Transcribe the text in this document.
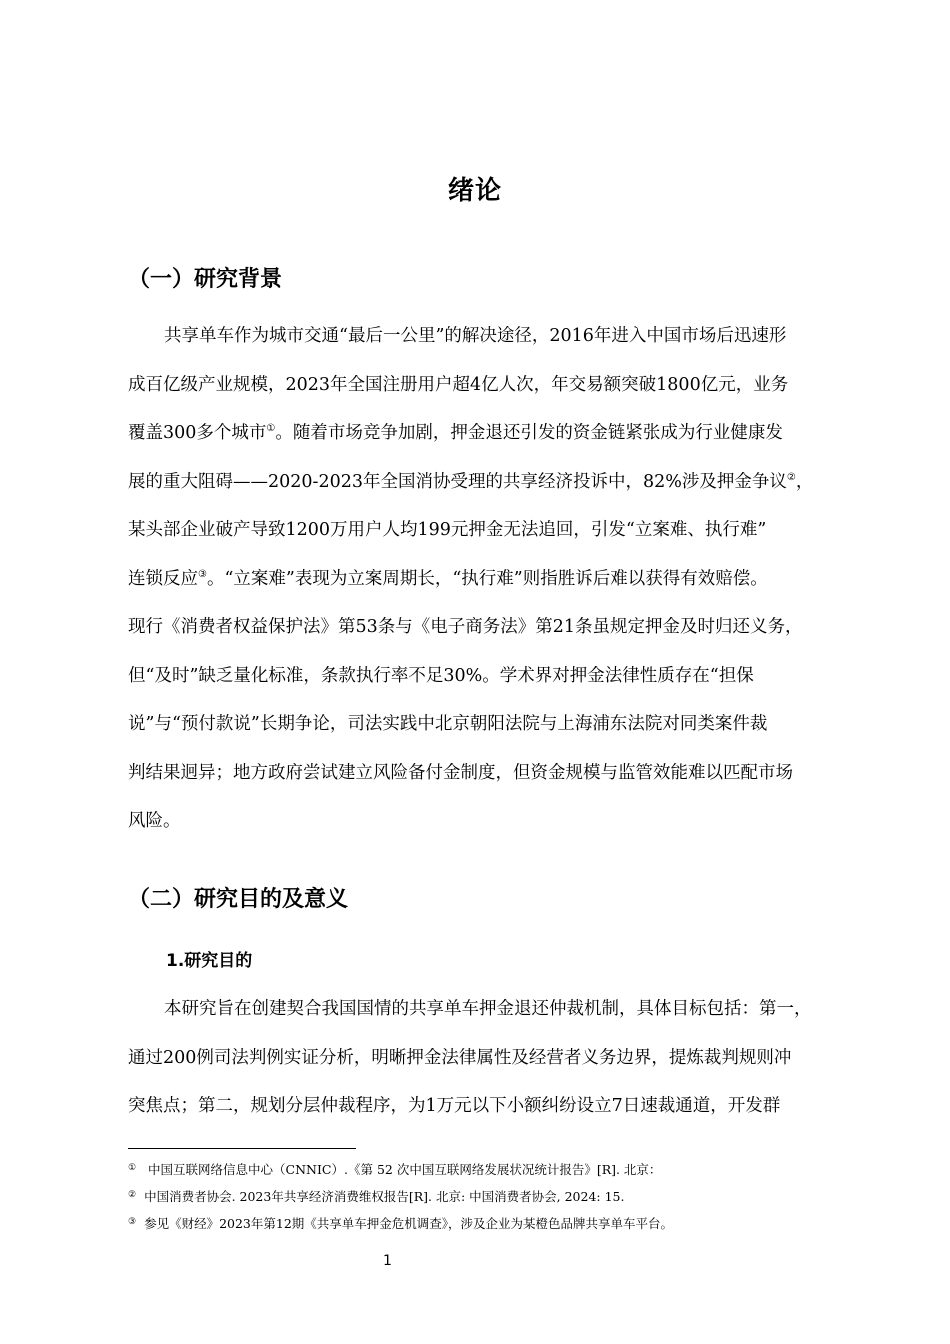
绪论
（一）研究背景
共享单车作为城市交通“最后一公里”的解决途径，2016年进入中国市场后迅速形
成百亿级产业规模，2023年全国注册用户超4亿人次，年交易额突破1800亿元，业务
覆盖300多个城市①。随着市场竞争加剧，押金退还引发的资金链紧张成为行业健康发
展的重大阻碍——2020-2023年全国消协受理的共享经济投诉中，82%涉及押金争议②，
某头部企业破产导致1200万用户人均199元押金无法追回，引发“立案难、执行难”
连锁反应③。“立案难”表现为立案周期长，“执行难”则指胜诉后难以获得有效赔偿。
现行《消费者权益保护法》第53条与《电子商务法》第21条虽规定押金及时归还义务，
但“及时”缺乏量化标准，条款执行率不足30%。学术界对押金法律性质存在“担保
说”与“预付款说”长期争论，司法实践中北京朝阳法院与上海浦东法院对同类案件裁
判结果迥异；地方政府尝试建立风险备付金制度，但资金规模与监管效能难以匹配市场
风险。
（二）研究目的及意义
1.研究目的
本研究旨在创建契合我国国情的共享单车押金退还仲裁机制，具体目标包括：第一，
通过200例司法判例实证分析，明晰押金法律属性及经营者义务边界，提炼裁判规则冲
突焦点；第二，规划分层仲裁程序，为1万元以下小额纠纷设立7日速裁通道，开发群
① 中国互联网络信息中心（CNNIC）.《第 52 次中国互联网络发展状况统计报告》[R]. 北京：
② 中国消费者协会. 2023年共享经济消费维权报告[R]. 北京: 中国消费者协会, 2024: 15.
③ 参见《财经》2023年第12期《共享单车押金危机调查》，涉及企业为某橙色品牌共享单车平台。
1
